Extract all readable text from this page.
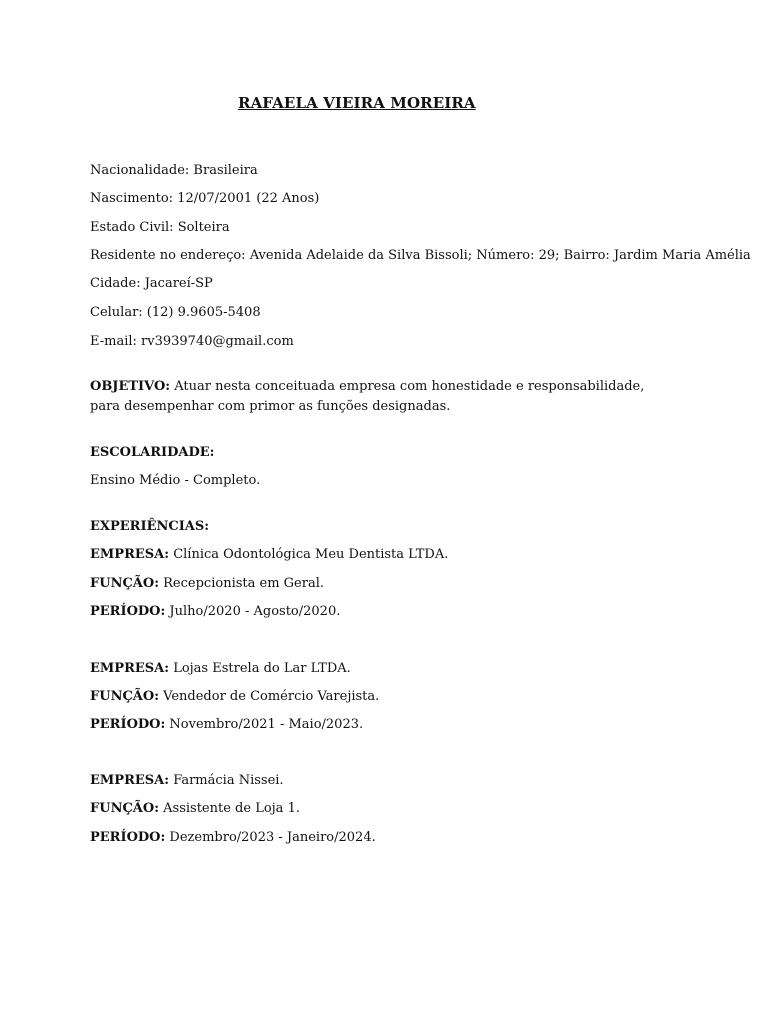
RAFAELA VIEIRA MOREIRA
Nacionalidade: Brasileira
Nascimento: 12/07/2001 (22 Anos)
Estado Civil: Solteira
Residente no endereço: Avenida Adelaide da Silva Bissoli; Número: 29; Bairro: Jardim Maria Amélia
Cidade: Jacareí-SP
Celular: (12) 9.9605-5408
E-mail: rv3939740@gmail.com
OBJETIVO: Atuar nesta conceituada empresa com honestidade e responsabilidade, para desempenhar com primor as funções designadas.
ESCOLARIDADE:
Ensino Médio - Completo.
EXPERIÊNCIAS:
EMPRESA: Clínica Odontológica Meu Dentista LTDA.
FUNÇÃO: Recepcionista em Geral.
PERÍODO: Julho/2020 - Agosto/2020.
EMPRESA: Lojas Estrela do Lar LTDA.
FUNÇÃO: Vendedor de Comércio Varejista.
PERÍODO: Novembro/2021 - Maio/2023.
EMPRESA: Farmácia Nissei.
FUNÇÃO: Assistente de Loja 1.
PERÍODO: Dezembro/2023 - Janeiro/2024.
